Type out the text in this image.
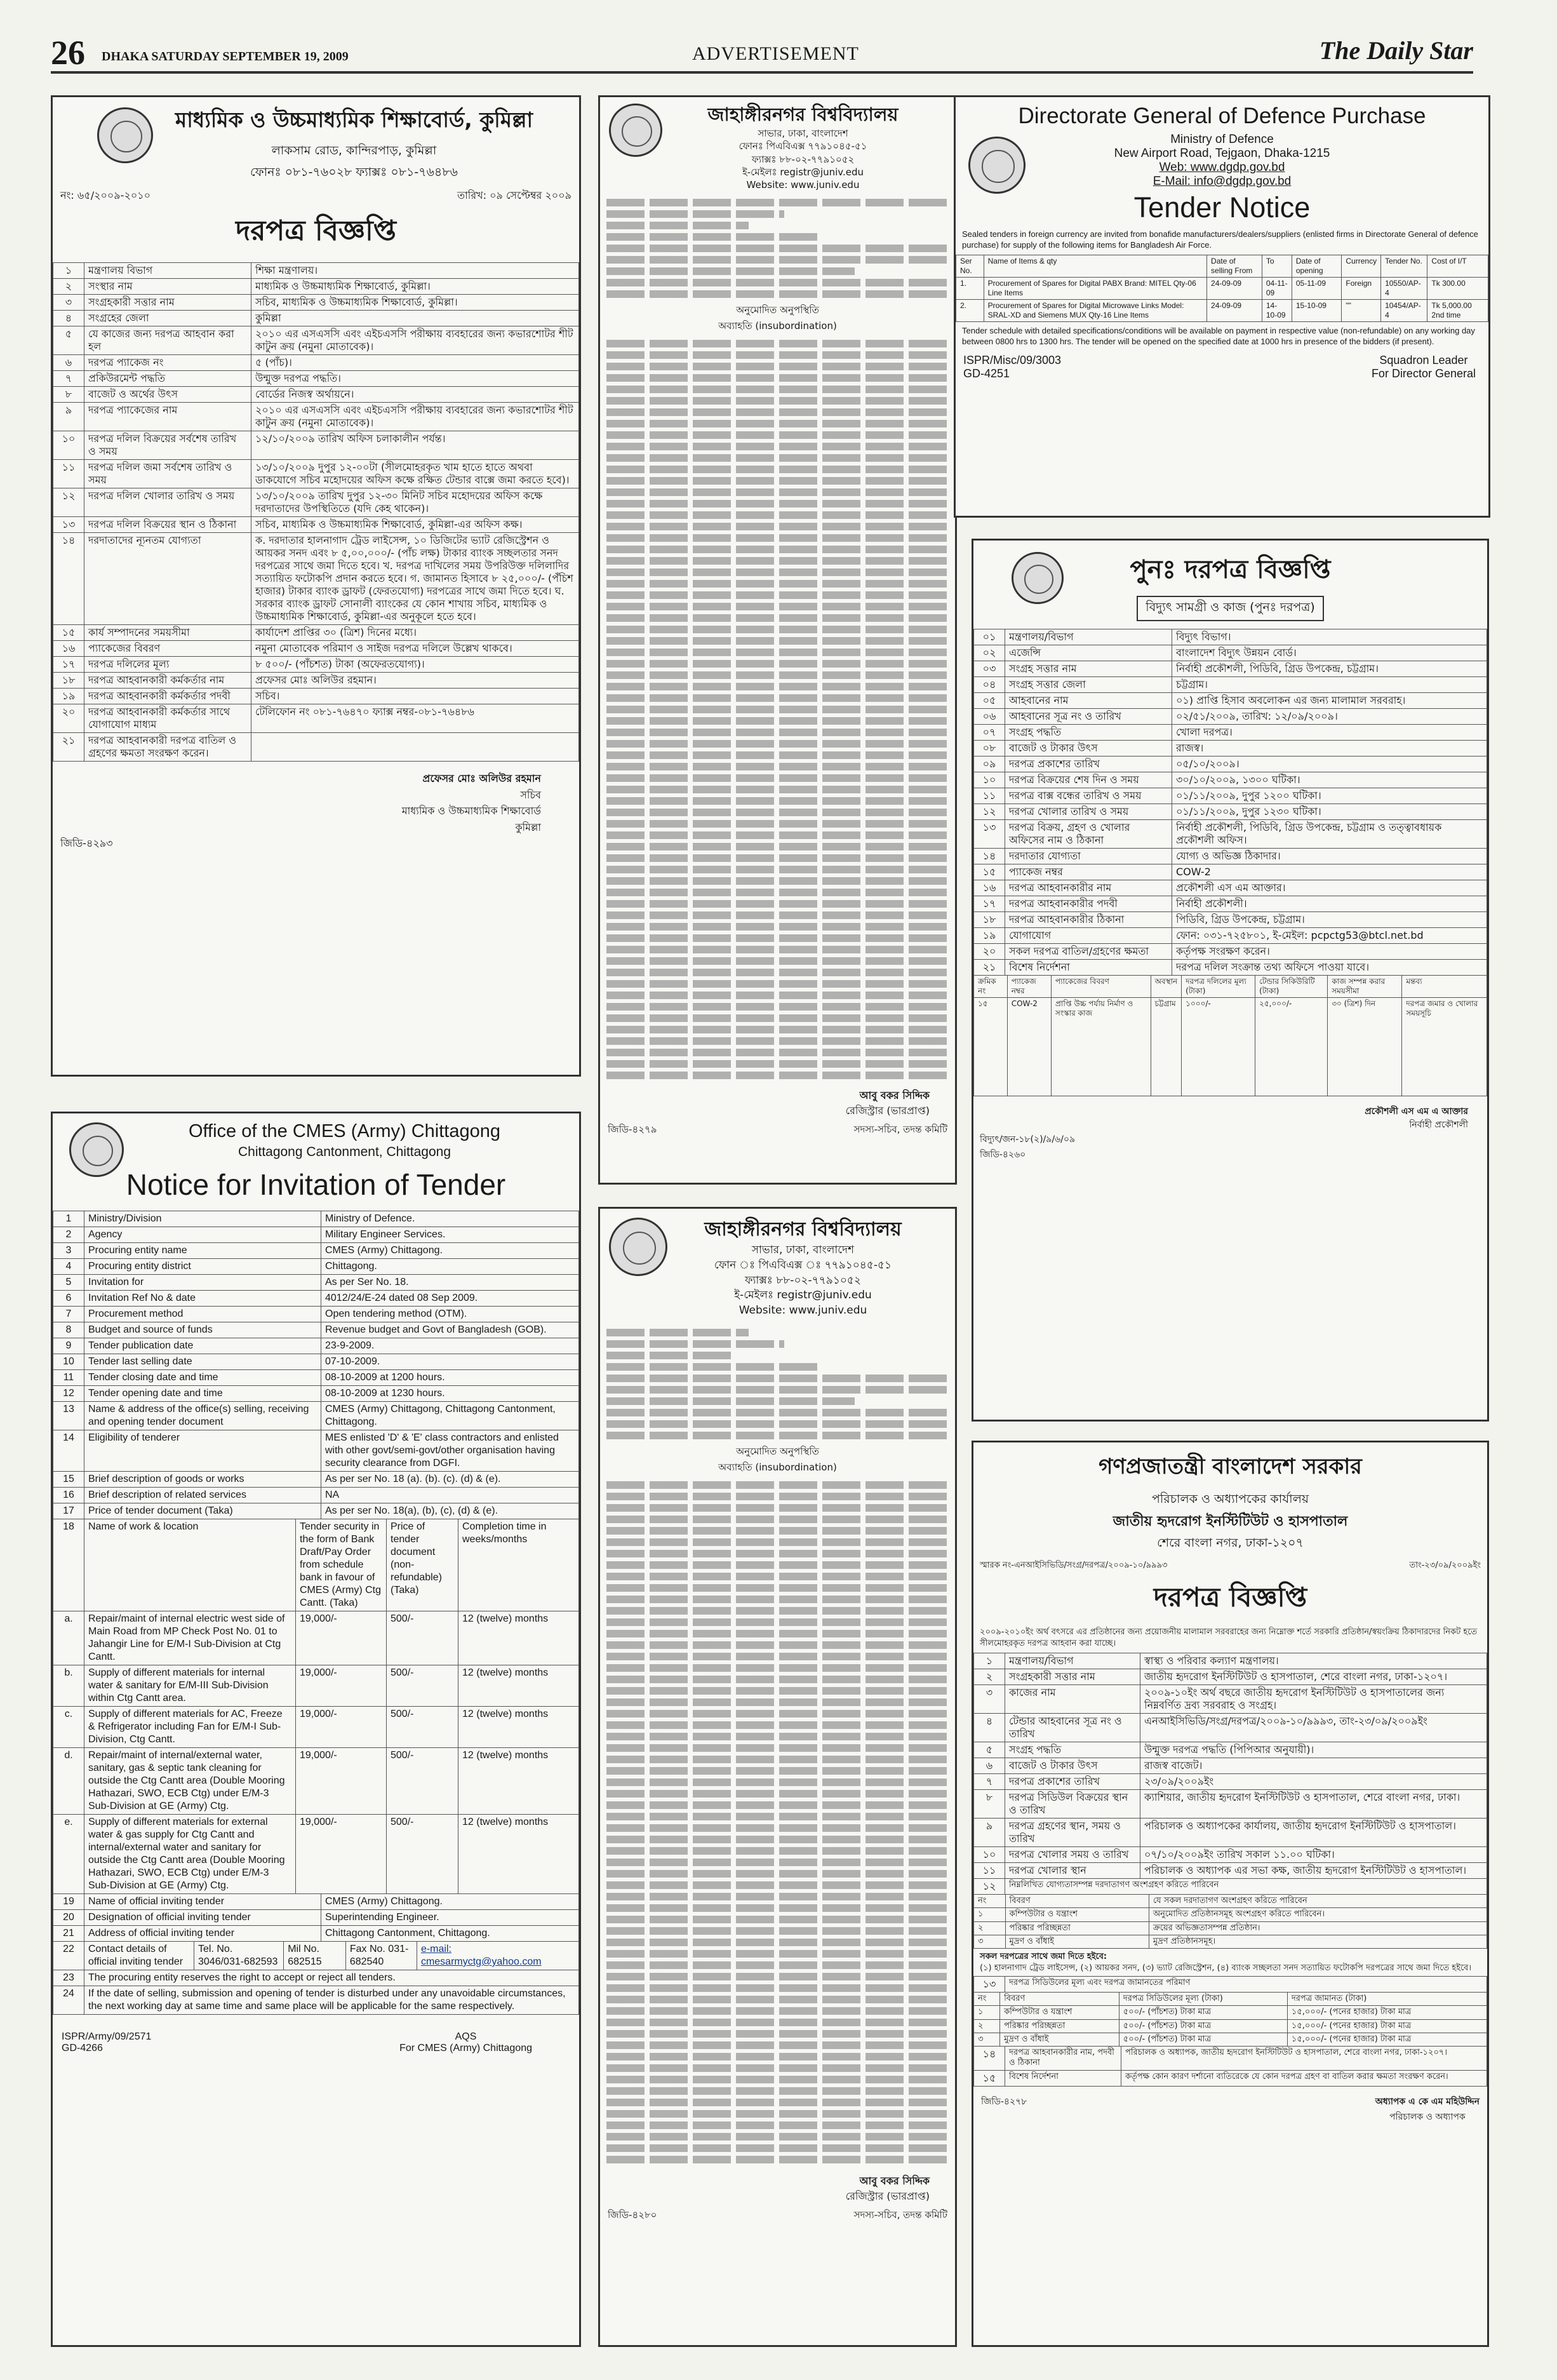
26 DHAKA SATURDAY SEPTEMBER 19, 2009	ADVERTISEMENT	The Daily Star
মাধ্যমিক ও উচ্চমাধ্যমিক শিক্ষাবোর্ড, কুমিল্লা
লাকসাম রোড, কান্দিরপাড়, কুমিল্লা
ফোনঃ ০৮১-৭৬০২৮ ফ্যাক্সঃ ০৮১-৭৬৪৮৬
নং: ৬৫/২০০৯-২০১০	তারিখ: ০৯ সেপ্টেম্বর ২০০৯
দরপত্র বিজ্ঞপ্তি
১	মন্ত্রণালয় বিভাগ	শিক্ষা মন্ত্রণালয়।
২	সংস্থার নাম	মাধ্যমিক ও উচ্চমাধ্যমিক শিক্ষাবোর্ড, কুমিল্লা।
৩	সংগ্রহকারী সত্তার নাম	সচিব, মাধ্যমিক ও উচ্চমাধ্যমিক শিক্ষাবোর্ড, কুমিল্লা।
৪	সংগ্রহের জেলা	কুমিল্লা
৫	যে কাজের জন্য দরপত্র আহবান করা হল	২০১০ এর এসএসসি এবং এইচএসসি পরীক্ষায় ব্যবহারের জন্য কভারশোটর শীট কাটুন ক্রয় (নমুনা মোতাবেক)।
৬	দরপত্র প্যাকেজ নং	৫ (পাঁচ)।
৭	প্রকিউরমেন্ট পদ্ধতি	উন্মুক্ত দরপত্র পদ্ধতি।
৮	বাজেট ও অর্থের উৎস	বোর্ডের নিজস্ব অর্থায়নে।
৯	দরপত্র প্যাকেজের নাম	২০১০ এর এসএসসি এবং এইচএসসি পরীক্ষায় ব্যবহারের জন্য কভারশোটর শীট কাটুন ক্রয় (নমুনা মোতাবেক)।
১০	দরপত্র দলিল বিক্রয়ের সর্বশেষ তারিখ ও সময়	১২/১০/২০০৯ তারিখ অফিস চলাকালীন পর্যন্ত।
১১	দরপত্র দলিল জমা সর্বশেষ তারিখ ও সময়	১৩/১০/২০০৯ দুপুর ১২-০০টা (সীলমোহরকৃত খাম হাতে হাতে অথবা ডাকযোগে সচিব মহোদয়ের অফিস কক্ষে রক্ষিত টেন্ডার বাক্সে জমা করতে হবে)।
১২	দরপত্র দলিল খোলার তারিখ ও সময়	১৩/১০/২০০৯ তারিখ দুপুর ১২-৩০ মিনিট সচিব মহোদয়ের অফিস কক্ষে দরদাতাদের উপস্থিতিতে (যদি কেহ থাকেন)।
১৩	দরপত্র দলিল বিক্রয়ের স্থান ও ঠিকানা	সচিব, মাধ্যমিক ও উচ্চমাধ্যমিক শিক্ষাবোর্ড, কুমিল্লা-এর অফিস কক্ষ।
১৪	দরদাতাদের ন্যূনতম যোগ্যতা	ক. দরদাতার হালনাগাদ ট্রেড লাইসেন্স, ১০ ডিজিটের ভ্যাট রেজিস্ট্রেশন ও আয়কর সনদ এবং ৮ ৫,০০,০০০/- (পাঁচ লক্ষ) টাকার ব্যাংক সচ্ছলতার সনদ দরপত্রের সাথে জমা দিতে হবে। খ. দরপত্র দাখিলের সময় উপরিউক্ত দলিলাদির সত্যায়িত ফটোকপি প্রদান করতে হবে। গ. জামানত হিসাবে ৮ ২৫,০০০/- (পঁচিশ হাজার) টাকার ব্যাংক ড্রাফট (ফেরতযোগ্য) দরপত্রের সাথে জমা দিতে হবে। ঘ. সরকার ব্যাংক ড্রাফট সোনালী ব্যাংকের যে কোন শাখায় সচিব, মাধ্যমিক ও উচ্চমাধ্যমিক শিক্ষাবোর্ড, কুমিল্লা-এর অনুকূলে হতে হবে।
১৫	কার্য সম্পাদনের সময়সীমা	কার্যাদেশ প্রাপ্তির ৩০ (ত্রিশ) দিনের মধ্যে।
১৬	প্যাকেজের বিবরণ	নমুনা মোতাবেক পরিমাণ ও সাইজ দরপত্র দলিলে উল্লেখ থাকবে।
১৭	দরপত্র দলিলের মূল্য	৮ ৫০০/- (পাঁচশত) টাকা (অফেরতযোগ্য)।
১৮	দরপত্র আহবানকারী কর্মকর্তার নাম	প্রফেসর মোঃ অলিউর রহমান।
১৯	দরপত্র আহবানকারী কর্মকর্তার পদবী	সচিব।
২০	দরপত্র আহবানকারী কর্মকর্তার সাথে যোগাযোগ মাধ্যম	টেলিফোন নং ০৮১-৭৬৪৭০ ফ্যাক্স নম্বর-০৮১-৭৬৪৮৬
২১	দরপত্র আহবানকারী দরপত্র বাতিল ও গ্রহণের ক্ষমতা সংরক্ষণ করেন।	
প্রফেসর মোঃ অলিউর রহমান
সচিব
মাধ্যমিক ও উচ্চমাধ্যমিক শিক্ষাবোর্ড
কুমিল্লা
জিডি-৪২৯৩
Office of the CMES (Army) Chittagong
Chittagong Cantonment, Chittagong
Notice for Invitation of Tender
1	Ministry/Division	Ministry of Defence.
2	Agency	Military Engineer Services.
3	Procuring entity name	CMES (Army) Chittagong.
4	Procuring entity district	Chittagong.
5	Invitation for	As per Ser No. 18.
6	Invitation Ref No & date	4012/24/E-24 dated 08 Sep 2009.
7	Procurement method	Open tendering method (OTM).
8	Budget and source of funds	Revenue budget and Govt of Bangladesh (GOB).
9	Tender publication date	23-9-2009.
10	Tender last selling date	07-10-2009.
11	Tender closing date and time	08-10-2009 at 1200 hours.
12	Tender opening date and time	08-10-2009 at 1230 hours.
13	Name & address of the office(s) selling, receiving and opening tender document	CMES (Army) Chittagong, Chittagong Cantonment, Chittagong.
14	Eligibility of tenderer	MES enlisted 'D' & 'E' class contractors and enlisted with other govt/semi-govt/other organisation having security clearance from DGFI.
15	Brief description of goods or works	As per ser No. 18 (a). (b). (c). (d) & (e).
16	Brief description of related services	NA
17	Price of tender document (Taka)	As per ser No. 18(a), (b), (c), (d) & (e).
18	Name of work & location	Tender security in the form of Bank Draft/Pay Order from schedule bank in favour of CMES (Army) Ctg Cantt. (Taka)	Price of tender document (non-refundable) (Taka)	Completion time in weeks/months
a.	Repair/maint of internal electric west side of Main Road from MP Check Post No. 01 to Jahangir Line for E/M-I Sub-Division at Ctg Cantt.	19,000/-	500/-	12 (twelve) months
b.	Supply of different materials for internal water & sanitary for E/M-III Sub-Division within Ctg Cantt area.	19,000/-	500/-	12 (twelve) months
c.	Supply of different materials for AC, Freeze & Refrigerator including Fan for E/M-I Sub-Division, Ctg Cantt.	19,000/-	500/-	12 (twelve) months
d.	Repair/maint of internal/external water, sanitary, gas & septic tank cleaning for outside the Ctg Cantt area (Double Mooring Hathazari, SWO, ECB Ctg) under E/M-3 Sub-Division at GE (Army) Ctg.	19,000/-	500/-	12 (twelve) months
e.	Supply of different materials for external water & gas supply for Ctg Cantt and internal/external water and sanitary for outside the Ctg Cantt area (Double Mooring Hathazari, SWO, ECB Ctg) under E/M-3 Sub-Division at GE (Army) Ctg.	19,000/-	500/-	12 (twelve) months
19	Name of official inviting tender	CMES (Army) Chittagong.
20	Designation of official inviting tender	Superintending Engineer.
21	Address of official inviting tender	Chittagong Cantonment, Chittagong.
22	Contact details of official inviting tender	Tel. No. 3046/031-682593	Mil No. 682515	Fax No. 031-682540	e-mail: cmesarmyctg@yahoo.com
23	The procuring entity reserves the right to accept or reject all tenders.				
24	If the date of selling, submission and opening of tender is disturbed under any unavoidable circumstances, the next working day at same time and same place will be applicable for the same respectively.				
ISPR/Army/09/2571
GD-4266
AQS
For CMES (Army) Chittagong
জাহাঙ্গীরনগর বিশ্ববিদ্যালয়
সাভার, ঢাকা, বাংলাদেশ
ফোনঃ পিএবিএক্স ৭৭৯১০৪৫-৫১
ফ্যাক্সঃ ৮৮-০২-৭৭৯১০৫২
ই-মেইলঃ registr@juniv.edu
Website: www.juniv.edu
অনুমোদিত অনুপস্থিতি
অব্যাহতি (insubordination)
আবু বকর সিদ্দিক
রেজিস্ট্রার (ভারপ্রাপ্ত)
জিডি-৪২৭৯	সদস্য-সচিব, তদন্ত কমিটি
জাহাঙ্গীরনগর বিশ্ববিদ্যালয়
সাভার, ঢাকা, বাংলাদেশ
ফোন ঃ পিএবিএক্স ঃ ৭৭৯১০৪৫-৫১
ফ্যাক্সঃ ৮৮-০২-৭৭৯১০৫২
ই-মেইলঃ registr@juniv.edu
Website: www.juniv.edu
অনুমোদিত অনুপস্থিতি
অব্যাহতি (insubordination)
আবু বকর সিদ্দিক
রেজিস্ট্রার (ভারপ্রাপ্ত)
জিডি-৪২৮০	সদস্য-সচিব, তদন্ত কমিটি
Directorate General of Defence Purchase
Ministry of Defence
New Airport Road, Tejgaon, Dhaka-1215
Web: www.dgdp.gov.bd
E-Mail: info@dgdp.gov.bd
Tender Notice
Sealed tenders in foreign currency are invited from bonafide manufacturers/dealers/suppliers (enlisted firms in Directorate General of defence purchase) for supply of the following items for Bangladesh Air Force.
Ser No.	Name of Items & qty	Date of selling From	To	Date of opening	Currency	Tender No.	Cost of I/T
1.	Procurement of Spares for Digital PABX Brand: MITEL Qty-06 Line Items	24-09-09	04-11-09	05-11-09	Foreign	10550/AP-4	Tk 300.00
2.	Procurement of Spares for Digital Microwave Links Model: SRAL-XD and Siemens MUX Qty-16 Line Items	24-09-09	14-10-09	15-10-09	""	10454/AP-4	Tk 5,000.00 2nd time
Tender schedule with detailed specifications/conditions will be available on payment in respective value (non-refundable) on any working day between 0800 hrs to 1300 hrs. The tender will be opened on the specified date at 1000 hrs in presence of the bidders (if present).
ISPR/Misc/09/3003
GD-4251
Squadron Leader
For Director General
পুনঃ দরপত্র বিজ্ঞপ্তি
বিদ্যুৎ সামগ্রী ও কাজ (পুনঃ দরপত্র)
০১	মন্ত্রণালয়/বিভাগ	বিদ্যুৎ বিভাগ।
০২	এজেন্সি	বাংলাদেশ বিদ্যুৎ উন্নয়ন বোর্ড।
০৩	সংগ্রহ সত্তার নাম	নির্বাহী প্রকৌশলী, পিডিবি, গ্রিড উপকেন্দ্র, চট্টগ্রাম।
০৪	সংগ্রহ সত্তার জেলা	চট্টগ্রাম।
০৫	আহবানের নাম	০১) প্রাপ্তি হিসাব অবলোকন এর জন্য মালামাল সরবরাহ।
০৬	আহবানের সূত্র নং ও তারিখ	০২/৫১/২০০৯, তারিখ: ১২/০৯/২০০৯।
০৭	সংগ্রহ পদ্ধতি	খোলা দরপত্র।
০৮	বাজেট ও টাকার উৎস	রাজস্ব।
০৯	দরপত্র প্রকাশের তারিখ	০৫/১০/২০০৯।
১০	দরপত্র বিক্রয়ের শেষ দিন ও সময়	৩০/১০/২০০৯, ১৩০০ ঘটিকা।
১১	দরপত্র বাক্স বন্ধের তারিখ ও সময়	০১/১১/২০০৯, দুপুর ১২০০ ঘটিকা।
১২	দরপত্র খোলার তারিখ ও সময়	০১/১১/২০০৯, দুপুর ১২৩০ ঘটিকা।
১৩	দরপত্র বিক্রয়, গ্রহণ ও খোলার অফিসের নাম ও ঠিকানা	নির্বাহী প্রকৌশলী, পিডিবি, গ্রিড উপকেন্দ্র, চট্টগ্রাম ও তত্ত্বাবধায়ক প্রকৌশলী অফিস।
১৪	দরদাতার যোগ্যতা	যোগ্য ও অভিজ্ঞ ঠিকাদার।
১৫	প্যাকেজ নম্বর	COW-2
১৬	দরপত্র আহবানকারীর নাম	প্রকৌশলী এস এম আক্তার।
১৭	দরপত্র আহবানকারীর পদবী	নির্বাহী প্রকৌশলী।
১৮	দরপত্র আহবানকারীর ঠিকানা	পিডিবি, গ্রিড উপকেন্দ্র, চট্টগ্রাম।
১৯	যোগাযোগ	ফোন: ০৩১-৭২৫৮০১, ই-মেইল: pcpctg53@btcl.net.bd
২০	সকল দরপত্র বাতিল/গ্রহণের ক্ষমতা	কর্তৃপক্ষ সংরক্ষণ করেন।
২১	বিশেষ নির্দেশনা	দরপত্র দলিল সংক্রান্ত তথ্য অফিসে পাওয়া যাবে।
ক্রমিক নং	প্যাকেজ নম্বর	প্যাকেজের বিবরণ	অবস্থান	দরপত্র দলিলের মূল্য (টাকা)	টেন্ডার সিকিউরিটি (টাকা)	কাজ সম্পন্ন করার সময়সীমা	মন্তব্য
১৫	COW-2	প্রাপ্তি উচ্চ পর্যায় নির্মাণ ও সংস্কার কাজ	চট্টগ্রাম	১০০০/-	২৫,০০০/-	৩০ (ত্রিশ) দিন	দরপত্র জমার ও খোলার সময়সূচি
প্রকৌশলী এস এম এ আক্তার
নির্বাহী প্রকৌশলী
বিদ্যুৎ/জন-১৮(২)/৯/৬/০৯
জিডি-৪২৬০
গণপ্রজাতন্ত্রী বাংলাদেশ সরকার
পরিচালক ও অধ্যাপকের কার্যালয়
জাতীয় হৃদরোগ ইনস্টিটিউট ও হাসপাতাল
শেরে বাংলা নগর, ঢাকা-১২০৭
স্মারক নং-এনআইসিভিডি/সংগ্র/দরপত্র/২০০৯-১০/৯৯৯৩	তাং-২৩/০৯/২০০৯ইং
দরপত্র বিজ্ঞপ্তি
২০০৯-২০১০ইং অর্থ বৎসরে এর প্রতিষ্ঠানের জন্য প্রয়োজনীয় মালামাল সরবরাহের জন্য নিম্নোক্ত শর্তে সরকারি প্রতিষ্ঠান/স্বয়ংক্রিয় ঠিকাদারদের নিকট হতে সীলমোহরকৃত দরপত্র আহবান করা যাচ্ছে।
১	মন্ত্রণালয়/বিভাগ	স্বাস্থ্য ও পরিবার কল্যাণ মন্ত্রণালয়।
২	সংগ্রহকারী সত্তার নাম	জাতীয় হৃদরোগ ইনস্টিটিউট ও হাসপাতাল, শেরে বাংলা নগর, ঢাকা-১২০৭।
৩	কাজের নাম	২০০৯-১০ইং অর্থ বছরে জাতীয় হৃদরোগ ইনস্টিটিউট ও হাসপাতালের জন্য নিম্নবর্ণিত দ্রব্য সরবরাহ ও সংগ্রহ।
৪	টেন্ডার আহবানের সূত্র নং ও তারিখ	এনআইসিভিডি/সংগ্র/দরপত্র/২০০৯-১০/৯৯৯৩, তাং-২৩/০৯/২০০৯ইং
৫	সংগ্রহ পদ্ধতি	উন্মুক্ত দরপত্র পদ্ধতি (পিপিআর অনুযায়ী)।
৬	বাজেট ও টাকার উৎস	রাজস্ব বাজেট।
৭	দরপত্র প্রকাশের তারিখ	২৩/০৯/২০০৯ইং
৮	দরপত্র সিডিউল বিক্রয়ের স্থান ও তারিখ	ক্যাশিয়ার, জাতীয় হৃদরোগ ইনস্টিটিউট ও হাসপাতাল, শেরে বাংলা নগর, ঢাকা।
৯	দরপত্র গ্রহণের স্থান, সময় ও তারিখ	পরিচালক ও অধ্যাপকের কার্যালয়, জাতীয় হৃদরোগ ইনস্টিটিউট ও হাসপাতাল।
১০	দরপত্র খোলার সময় ও তারিখ	০৭/১০/২০০৯ইং তারিখ সকাল ১১.০০ ঘটিকা।
১১	দরপত্র খোলার স্থান	পরিচালক ও অধ্যাপক এর সভা কক্ষ, জাতীয় হৃদরোগ ইনস্টিটিউট ও হাসপাতাল।
১২	নিম্নলিখিত যোগ্যতাসম্পন্ন দরদাতাগণ অংশগ্রহণ করিতে পারিবেন
নং	বিবরণ	যে সকল দরদাতাগণ অংশগ্রহণ করিতে পারিবেন
১	কম্পিউটার ও যন্ত্রাংশ	অনুমোদিত প্রতিষ্ঠানসমূহ অংশগ্রহণ করিতে পারিবেন।
২	পরিষ্কার পরিচ্ছন্নতা	ক্রয়ের অভিজ্ঞতাসম্পন্ন প্রতিষ্ঠান।
৩	মুদ্রণ ও বাঁধাই	মুদ্রণ প্রতিষ্ঠানসমূহ।
সকল দরপত্রের সাথে জমা দিতে হইবে:
(১) হালনাগাদ ট্রেড লাইসেন্স, (২) আয়কর সনদ, (৩) ভ্যাট রেজিস্ট্রেশন, (৪) ব্যাংক সচ্ছলতা সনদ সত্যায়িত ফটোকপি দরপত্রের সাথে জমা দিতে হইবে।
১৩	দরপত্র সিডিউলের মূল্য এবং দরপত্র জামানতের পরিমাণ
নং	বিবরণ	দরপত্র সিডিউলের মূল্য (টাকা)	দরপত্র জামানত (টাকা)
১	কম্পিউটার ও যন্ত্রাংশ	৫০০/- (পাঁচশত) টাকা মাত্র	১৫,০০০/- (পনের হাজার) টাকা মাত্র
২	পরিষ্কার পরিচ্ছন্নতা	৫০০/- (পাঁচশত) টাকা মাত্র	১৫,০০০/- (পনের হাজার) টাকা মাত্র
৩	মুদ্রণ ও বাঁধাই	৫০০/- (পাঁচশত) টাকা মাত্র	১৫,০০০/- (পনের হাজার) টাকা মাত্র
১৪	দরপত্র আহবানকারীর নাম, পদবী ও ঠিকানা	পরিচালক ও অধ্যাপক, জাতীয় হৃদরোগ ইনস্টিটিউট ও হাসপাতাল, শেরে বাংলা নগর, ঢাকা-১২০৭।
১৫	বিশেষ নির্দেশনা	কর্তৃপক্ষ কোন কারণ দর্শানো ব্যতিরেকে যে কোন দরপত্র গ্রহণ বা বাতিল করার ক্ষমতা সংরক্ষণ করেন।
জিডি-৪২৭৮	অধ্যাপক এ কে এম মহিউদ্দিন
পরিচালক ও অধ্যাপক
